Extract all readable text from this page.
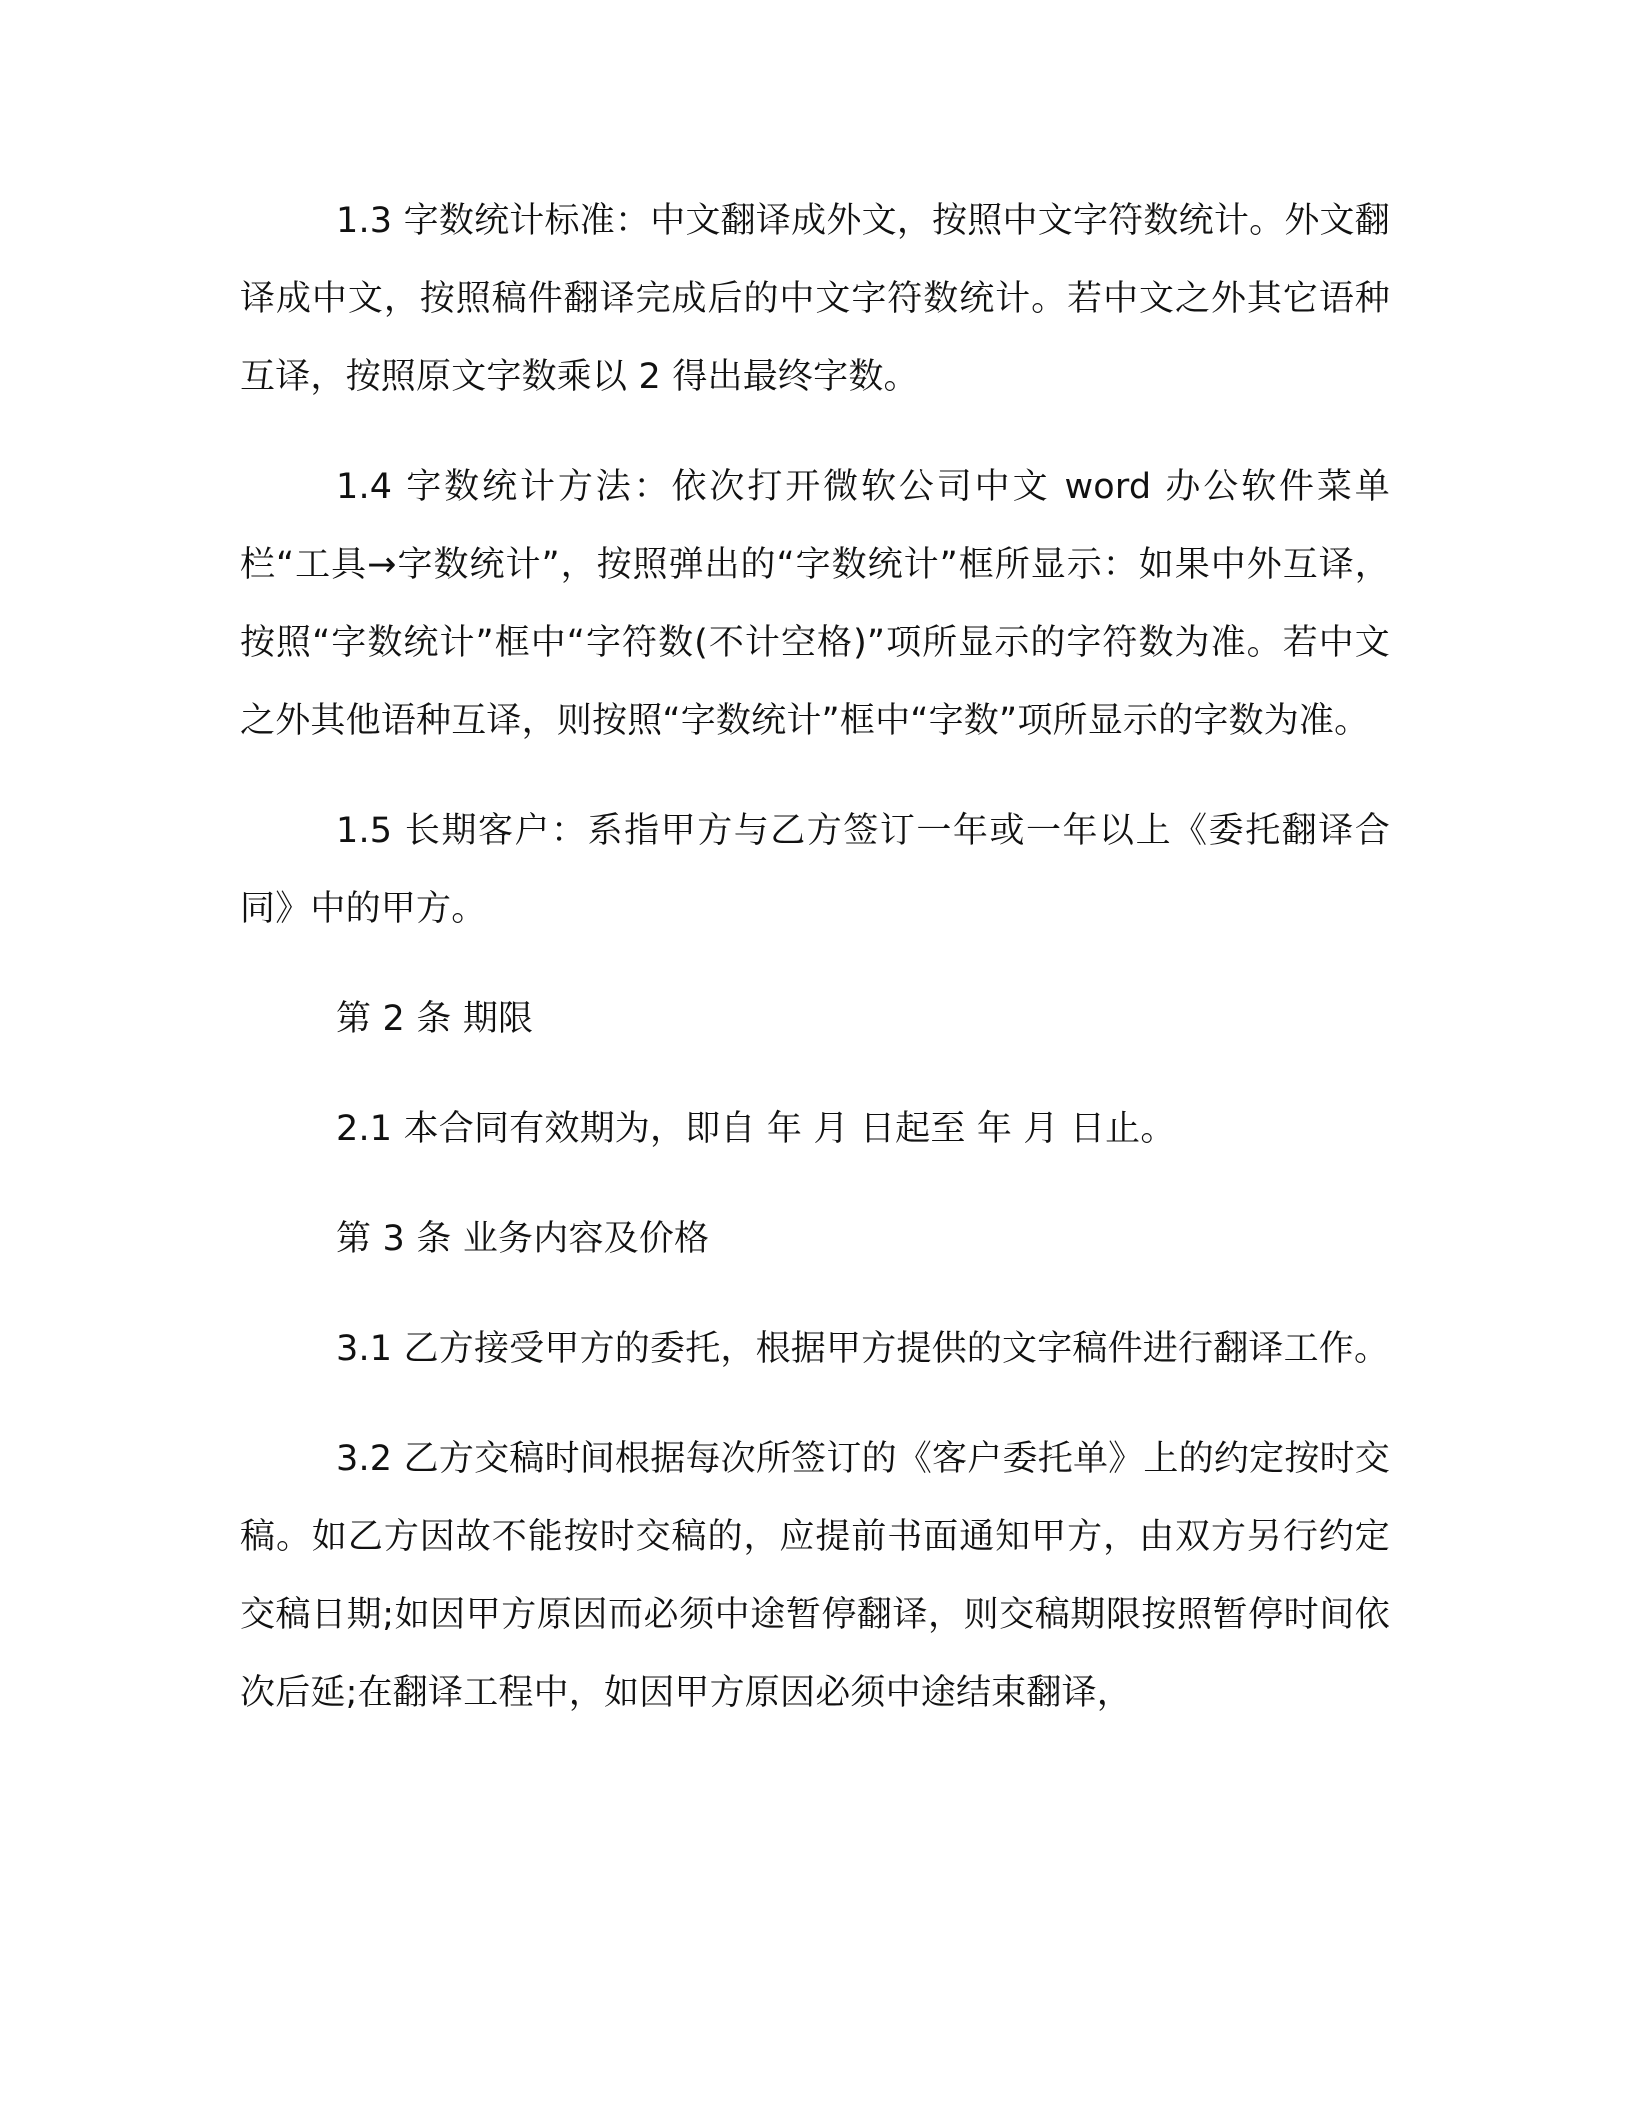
1.3 字数统计标准：中文翻译成外文，按照中文字符数统计。外文翻译成中文，按照稿件翻译完成后的中文字符数统计。若中文之外其它语种互译，按照原文字数乘以 2 得出最终字数。

1.4 字数统计方法：依次打开微软公司中文 word 办公软件菜单栏“工具→字数统计”，按照弹出的“字数统计”框所显示：如果中外互译，按照“字数统计”框中“字符数(不计空格)”项所显示的字符数为准。若中文之外其他语种互译，则按照“字数统计”框中“字数”项所显示的字数为准。

1.5 长期客户：系指甲方与乙方签订一年或一年以上《委托翻译合同》中的甲方。

第 2 条 期限

2.1 本合同有效期为，即自 年 月 日起至 年 月 日止。

第 3 条 业务内容及价格

3.1 乙方接受甲方的委托，根据甲方提供的文字稿件进行翻译工作。

3.2 乙方交稿时间根据每次所签订的《客户委托单》上的约定按时交稿。如乙方因故不能按时交稿的，应提前书面通知甲方，由双方另行约定交稿日期;如因甲方原因而必须中途暂停翻译，则交稿期限按照暂停时间依次后延;在翻译工程中，如因甲方原因必须中途结束翻译，
